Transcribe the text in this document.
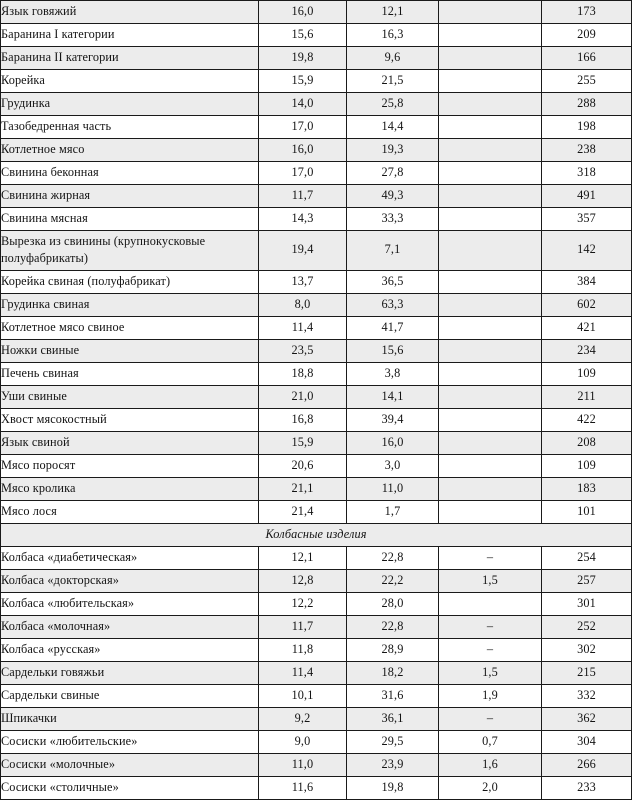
Язык говяжий	16,0	12,1		173
Баранина I категории	15,6	16,3		209
Баранина II категории	19,8	9,6		166
Корейка	15,9	21,5		255
Грудинка	14,0	25,8		288
Тазобедренная часть	17,0	14,4		198
Котлетное мясо	16,0	19,3		238
Свинина беконная	17,0	27,8		318
Свинина жирная	11,7	49,3		491
Свинина мясная	14,3	33,3		357
Вырезка из свинины (крупнокусковые полуфабрикаты)	19,4	7,1		142
Корейка свиная (полуфабрикат)	13,7	36,5		384
Грудинка свиная	8,0	63,3		602
Котлетное мясо свиное	11,4	41,7		421
Ножки свиные	23,5	15,6		234
Печень свиная	18,8	3,8		109
Уши свиные	21,0	14,1		211
Хвост мясокостный	16,8	39,4		422
Язык свиной	15,9	16,0		208
Мясо поросят	20,6	3,0		109
Мясо кролика	21,1	11,0		183
Мясо лося	21,4	1,7		101
Колбасные изделия				
Колбаса «диабетическая»	12,1	22,8	–	254
Колбаса «докторская»	12,8	22,2	1,5	257
Колбаса «любительская»	12,2	28,0		301
Колбаса «молочная»	11,7	22,8	–	252
Колбаса «русская»	11,8	28,9	–	302
Сардельки говяжьи	11,4	18,2	1,5	215
Сардельки свиные	10,1	31,6	1,9	332
Шпикачки	9,2	36,1	–	362
Сосиски «любительские»	9,0	29,5	0,7	304
Сосиски «молочные»	11,0	23,9	1,6	266
Сосиски «столичные»	11,6	19,8	2,0	233
